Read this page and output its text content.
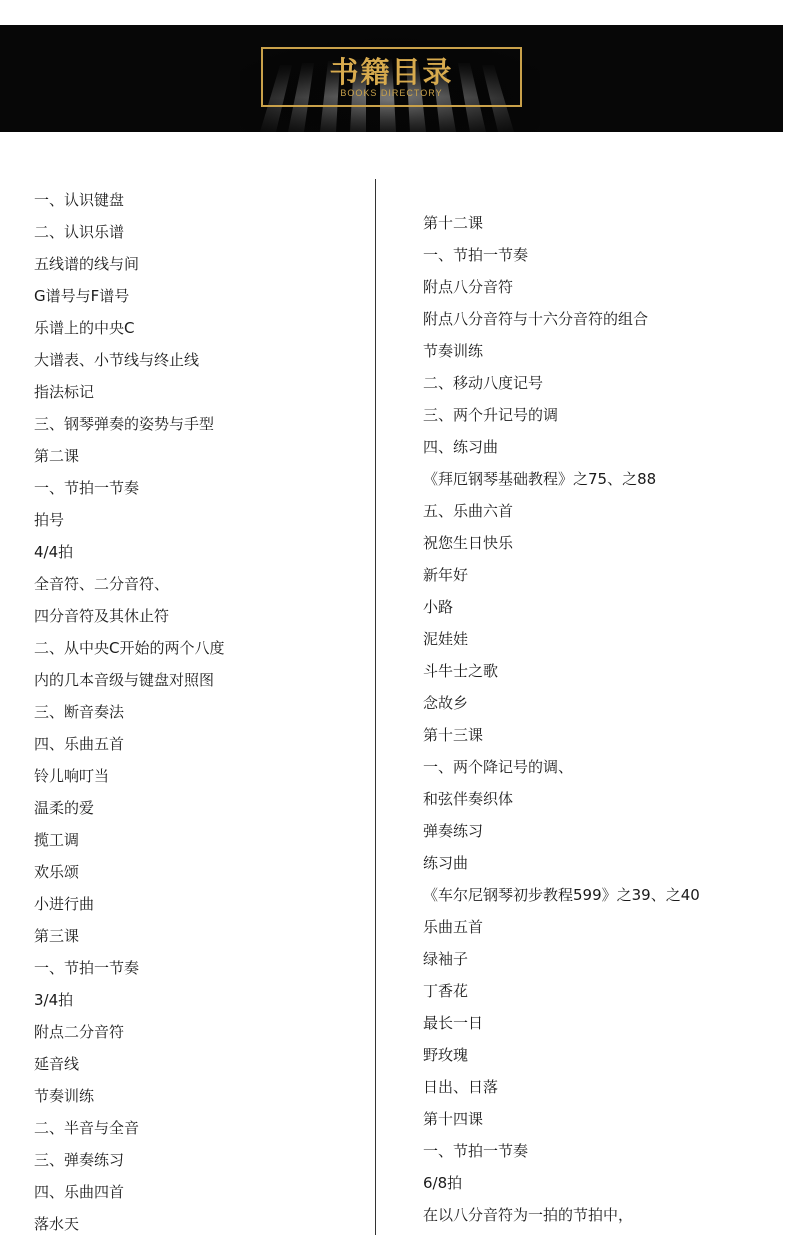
书籍目录
BOOKS DIRECTORY
一、认识键盘
二、认识乐谱
五线谱的线与间
G谱号与F谱号
乐谱上的中央C
大谱表、小节线与终止线
指法标记
三、钢琴弹奏的姿势与手型
第二课
一、节拍一节奏
拍号
4/4拍
全音符、二分音符、
四分音符及其休止符
二、从中央C开始的两个八度
内的几本音级与键盘对照图
三、断音奏法
四、乐曲五首
铃儿响叮当
温柔的爱
揽工调
欢乐颂
小进行曲
第三课
一、节拍一节奏
3/4拍
附点二分音符
延音线
节奏训练
二、半音与全音
三、弹奏练习
四、乐曲四首
落水天
第十二课
一、节拍一节奏
附点八分音符
附点八分音符与十六分音符的组合
节奏训练
二、移动八度记号
三、两个升记号的调
四、练习曲
《拜厄钢琴基础教程》之75、之88
五、乐曲六首
祝您生日快乐
新年好
小路
泥娃娃
斗牛士之歌
念故乡
第十三课
一、两个降记号的调、
和弦伴奏织体
弹奏练习
练习曲
《车尔尼钢琴初步教程599》之39、之40
乐曲五首
绿袖子
丁香花
最长一日
野玫瑰
日出、日落
第十四课
一、节拍一节奏
6/8拍
在以八分音符为一拍的节拍中，
